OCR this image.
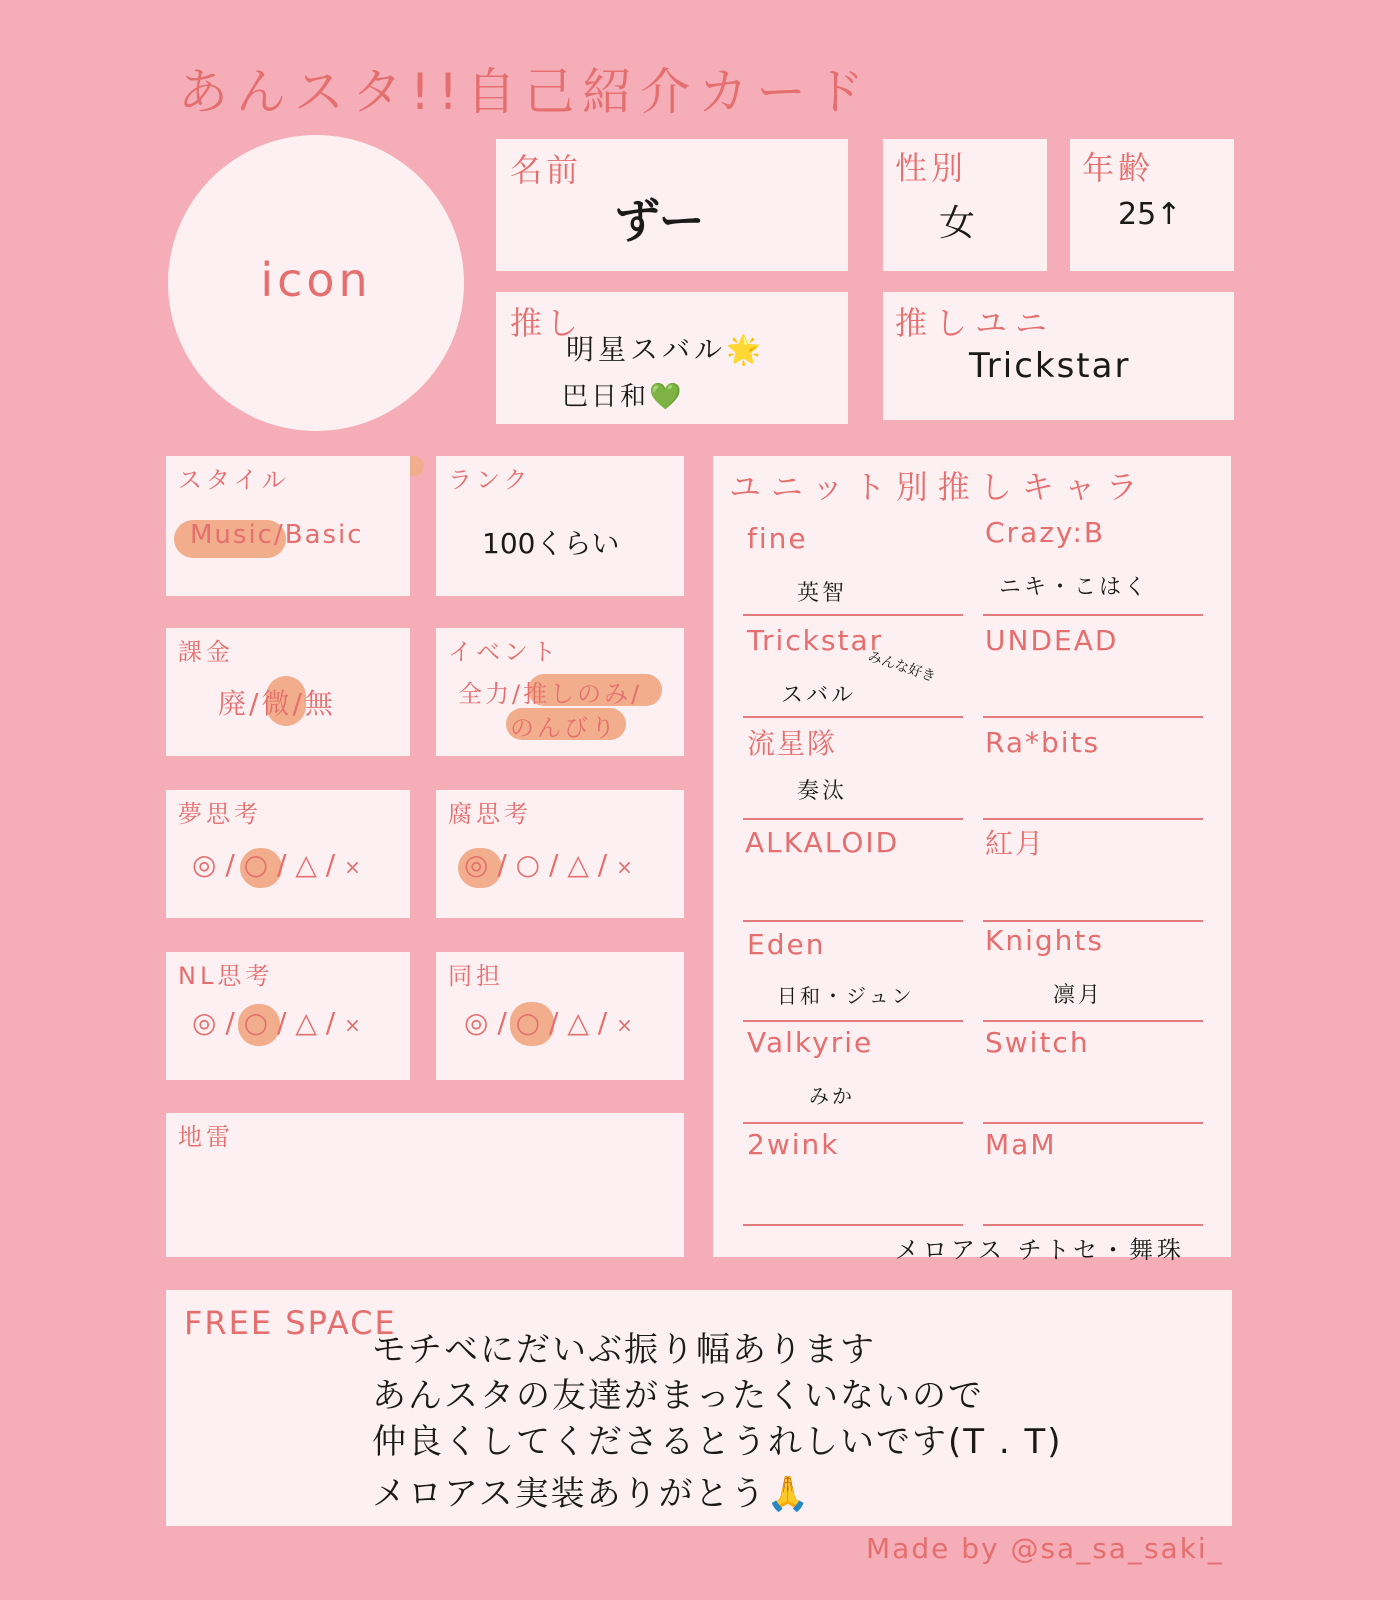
あんスタ!!自己紹介カード
icon
名前
ずー
性別
女
年齢
25↑
推し
明星スバル🌟
巴日和💚
推しユニ
Trickstar
スタイル
Music/Basic
ランク
100くらい
課金
廃/微/無
イベント
全力/推しのみ/
のんびり
夢思考
◎ / ○ / △ / ×
腐思考
◎ / ○ / △ / ×
NL思考
◎ / ○ / △ / ×
同担
◎ / ○ / △ / ×
地雷
ユニット別推しキャラ
fine
英智
Trickstar
スバル
みんな好き
流星隊
奏汰
ALKALOID
Eden
日和・ジュン
Valkyrie
みか
2wink
Crazy:B
ニキ・こはく
UNDEAD
Ra*bits
紅月
Knights
凛月
Switch
MaM
メロアス チトセ・舞珠
FREE SPACE
モチベにだいぶ振り幅あります
あんスタの友達がまったくいないので
仲良くしてくださるとうれしいです(T . T)
メロアス実装ありがとう🙏
Made by @sa_sa_saki_
